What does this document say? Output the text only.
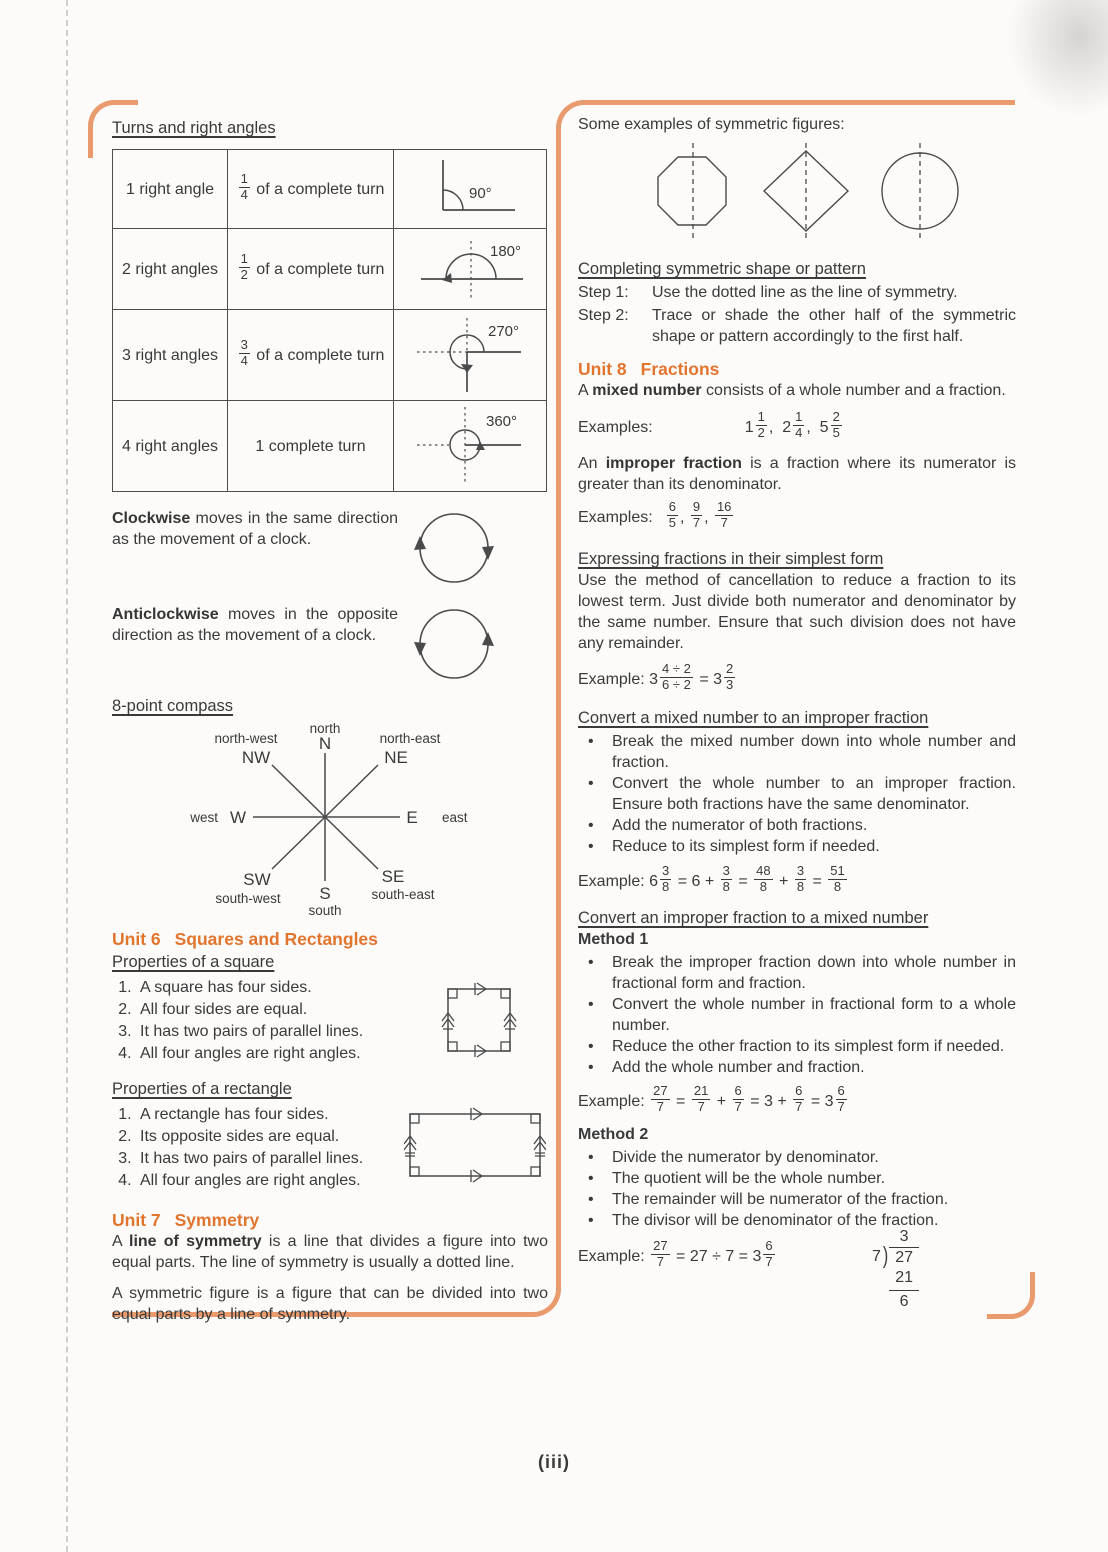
Turns and right angles
1 right angle	$\frac{1}{4}$ of a complete turn	90°

2 right angles	$\frac{1}{2}$ of a complete turn	180°

3 right angles	$\frac{3}{4}$ of a complete turn	270°

4 right angles	1 complete turn	360°

Clockwise moves in the same direction as the movement of a clock.

Anticlockwise moves in the opposite direction as the movement of a clock.

8-point compass
north
north-east
east
south-east
south
south-west
west
north-west N
NE
E
SE
S
SW
W
NW
Unit 6 Squares and Rectangles
Properties of a square
1. A square has four sides.
2. All four sides are equal.
3. It has two pairs of parallel lines.
4. All four angles are right angles.
Properties of a rectangle
1. A rectangle has four sides.
2. Its opposite sides are equal.
3. It has two pairs of parallel lines.
4. All four angles are right angles.
Unit 7 Symmetry

A line of symmetry is a line that divides a figure into two equal parts. The line of symmetry is usually a dotted line.

A symmetric figure is a figure that can be divided into two equal parts by a line of symmetry.

Some examples of symmetric figures:
Completing symmetric shape or pattern
Step 1:	Use the dotted line as the line of symmetry.
Step 2:	Trace or shade the other half of the symmetric shape or pattern accordingly to the first half.
Unit 8 Fractions

A mixed number consists of a whole number and a fraction.

Examples:	$1 \frac{1}{2}$ , $2 \frac{1}{4}$ , $5 \frac{2}{5}$

An improper fraction is a fraction where its numerator is greater than its denominator.

Examples: $\frac{6}{5}$ , $\frac{9}{7}$ , $\frac{16}{7}$
Expressing fractions in their simplest form

Use the method of cancellation to reduce a fraction to its lowest term. Just divide both numerator and denominator by the same number. Ensure that such division does not have any remainder.

Example: $3 \frac{4 \div 2}{6 \div 2} = 3 \frac{2}{3}$
Convert a mixed number to an improper fraction
• Break the mixed number down into whole number and fraction.
• Convert the whole number to an improper fraction. Ensure both fractions have the same denominator.
• Add the numerator of both fractions.
• Reduce to its simplest form if needed.
Example: $6 \frac{3}{8} = 6 + \frac{3}{8} = \frac{48}{8} + \frac{3}{8} = \frac{51}{8}$
Convert an improper fraction to a mixed number
Method 1
• Break the improper fraction down into whole number in fractional form and fraction.
• Convert the whole number in fractional form to a whole number.
• Reduce the other fraction to its simplest form if needed.
• Add the whole number and fraction.
Example: $\frac{27}{7} = \frac{21}{7} + \frac{6}{7} = 3 + \frac{6}{7} = 3 \frac{6}{7}$
Method 2
• Divide the numerator by denominator.
• The quotient will be the whole number.
• The remainder will be numerator of the fraction.
• The divisor will be denominator of the fraction.
Example: $\frac{27}{7} = 27 \div 7 = 3 \frac{6}{7}$
3
7 ) 27
21
6
(iii)
